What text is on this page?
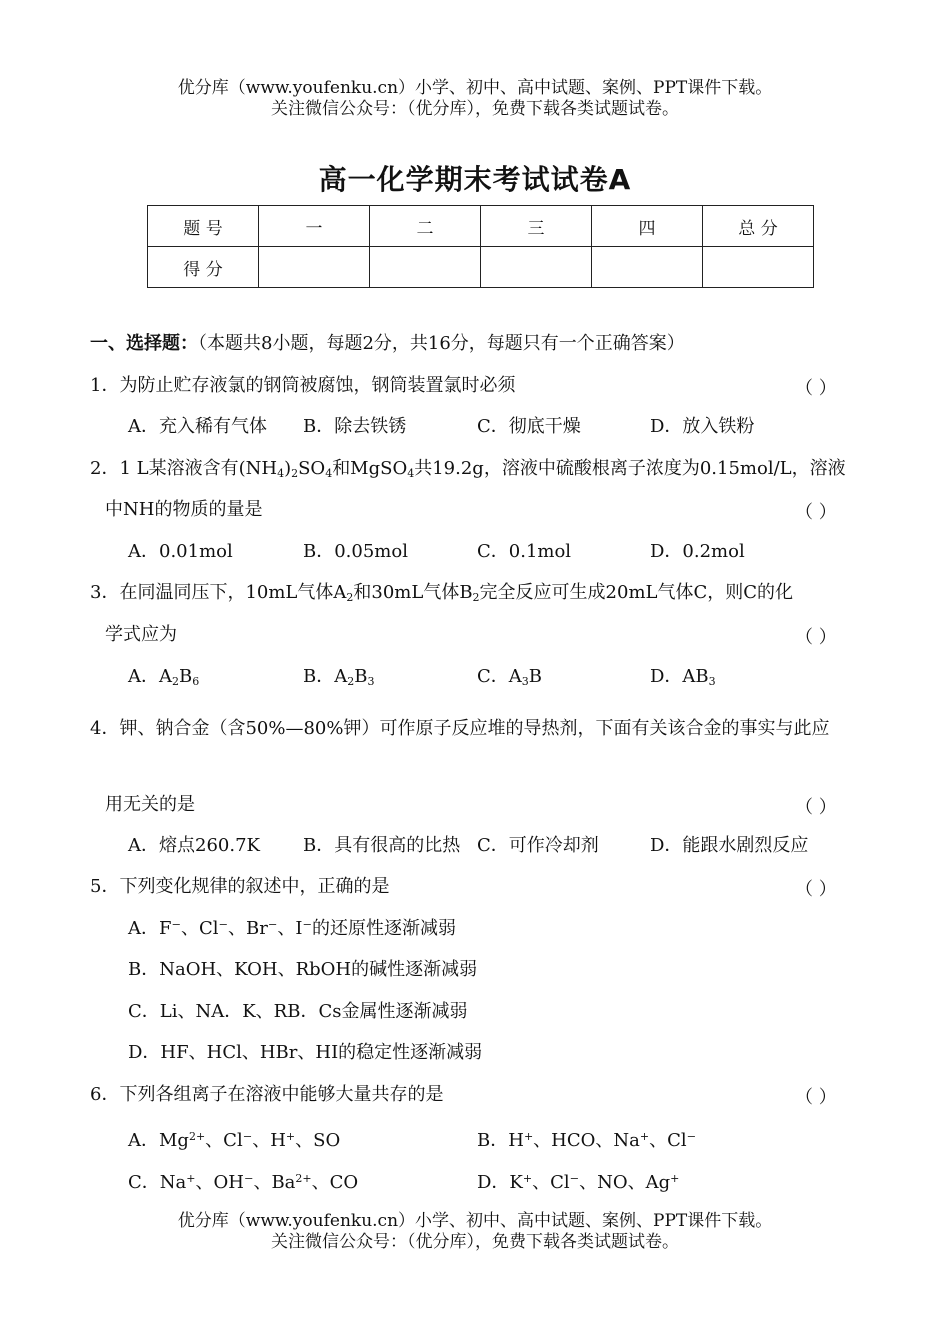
优分库（www.youfenku.cn）小学、初中、高中试题、案例、PPT课件下载。
关注微信公众号：（优分库），免费下载各类试题试卷。
高一化学期末考试试卷A
题 号	一	二	三	四	总 分
得 分					
一、选择题：（本题共8小题，每题2分，共16分，每题只有一个正确答案）
1．为防止贮存液氯的钢筒被腐蚀，钢筒装置氯时必须	（ ）
A．充入稀有气体 B．除去铁锈	C．彻底干燥	D．放入铁粉
2．1 L某溶液含有$(NH_4)_2SO_4$和MgSO$_4$共19.2g，溶液中硫酸根离子浓度为0.15mol/L，溶液
中NH的物质的量是	（ ）
A．0.01mol	B．0.05mol	C．0.1mol	D．0.2mol
3．在同温同压下，10mL气体$A_2$和30mL气体$B_2$完全反应可生成20mL气体C，则C的化
学式应为	（ ）
A．$A_2B_6$	B．$A_2B_3$	C．$A_3B$	D．$AB_3$
4．钾、钠合金（含50%—80%钾）可作原子反应堆的导热剂，下面有关该合金的事实与此应
用无关的是	（ ）
A．熔点260.7K B．具有很高的比热 C．可作冷却剂	D．能跟水剧烈反应
5．下列变化规律的叙述中，正确的是	（ ）
A．F⁻、Cl⁻、Br⁻、I⁻的还原性逐渐减弱
B．NaOH、KOH、RbOH的碱性逐渐减弱
C．Li、NA．K、RB．Cs金属性逐渐减弱
D．HF、HCl、HBr、HI的稳定性逐渐减弱
6．下列各组离子在溶液中能够大量共存的是	（ ）
A．$Mg^{2+}$、Cl⁻、H+、SO	B．H+、HCO、Na+、Cl⁻
C．Na+、OH⁻、$Ba^{2+}$、CO	D．K+、Cl⁻、NO、Ag+
优分库（www.youfenku.cn）小学、初中、高中试题、案例、PPT课件下载。
关注微信公众号：（优分库），免费下载各类试题试卷。
